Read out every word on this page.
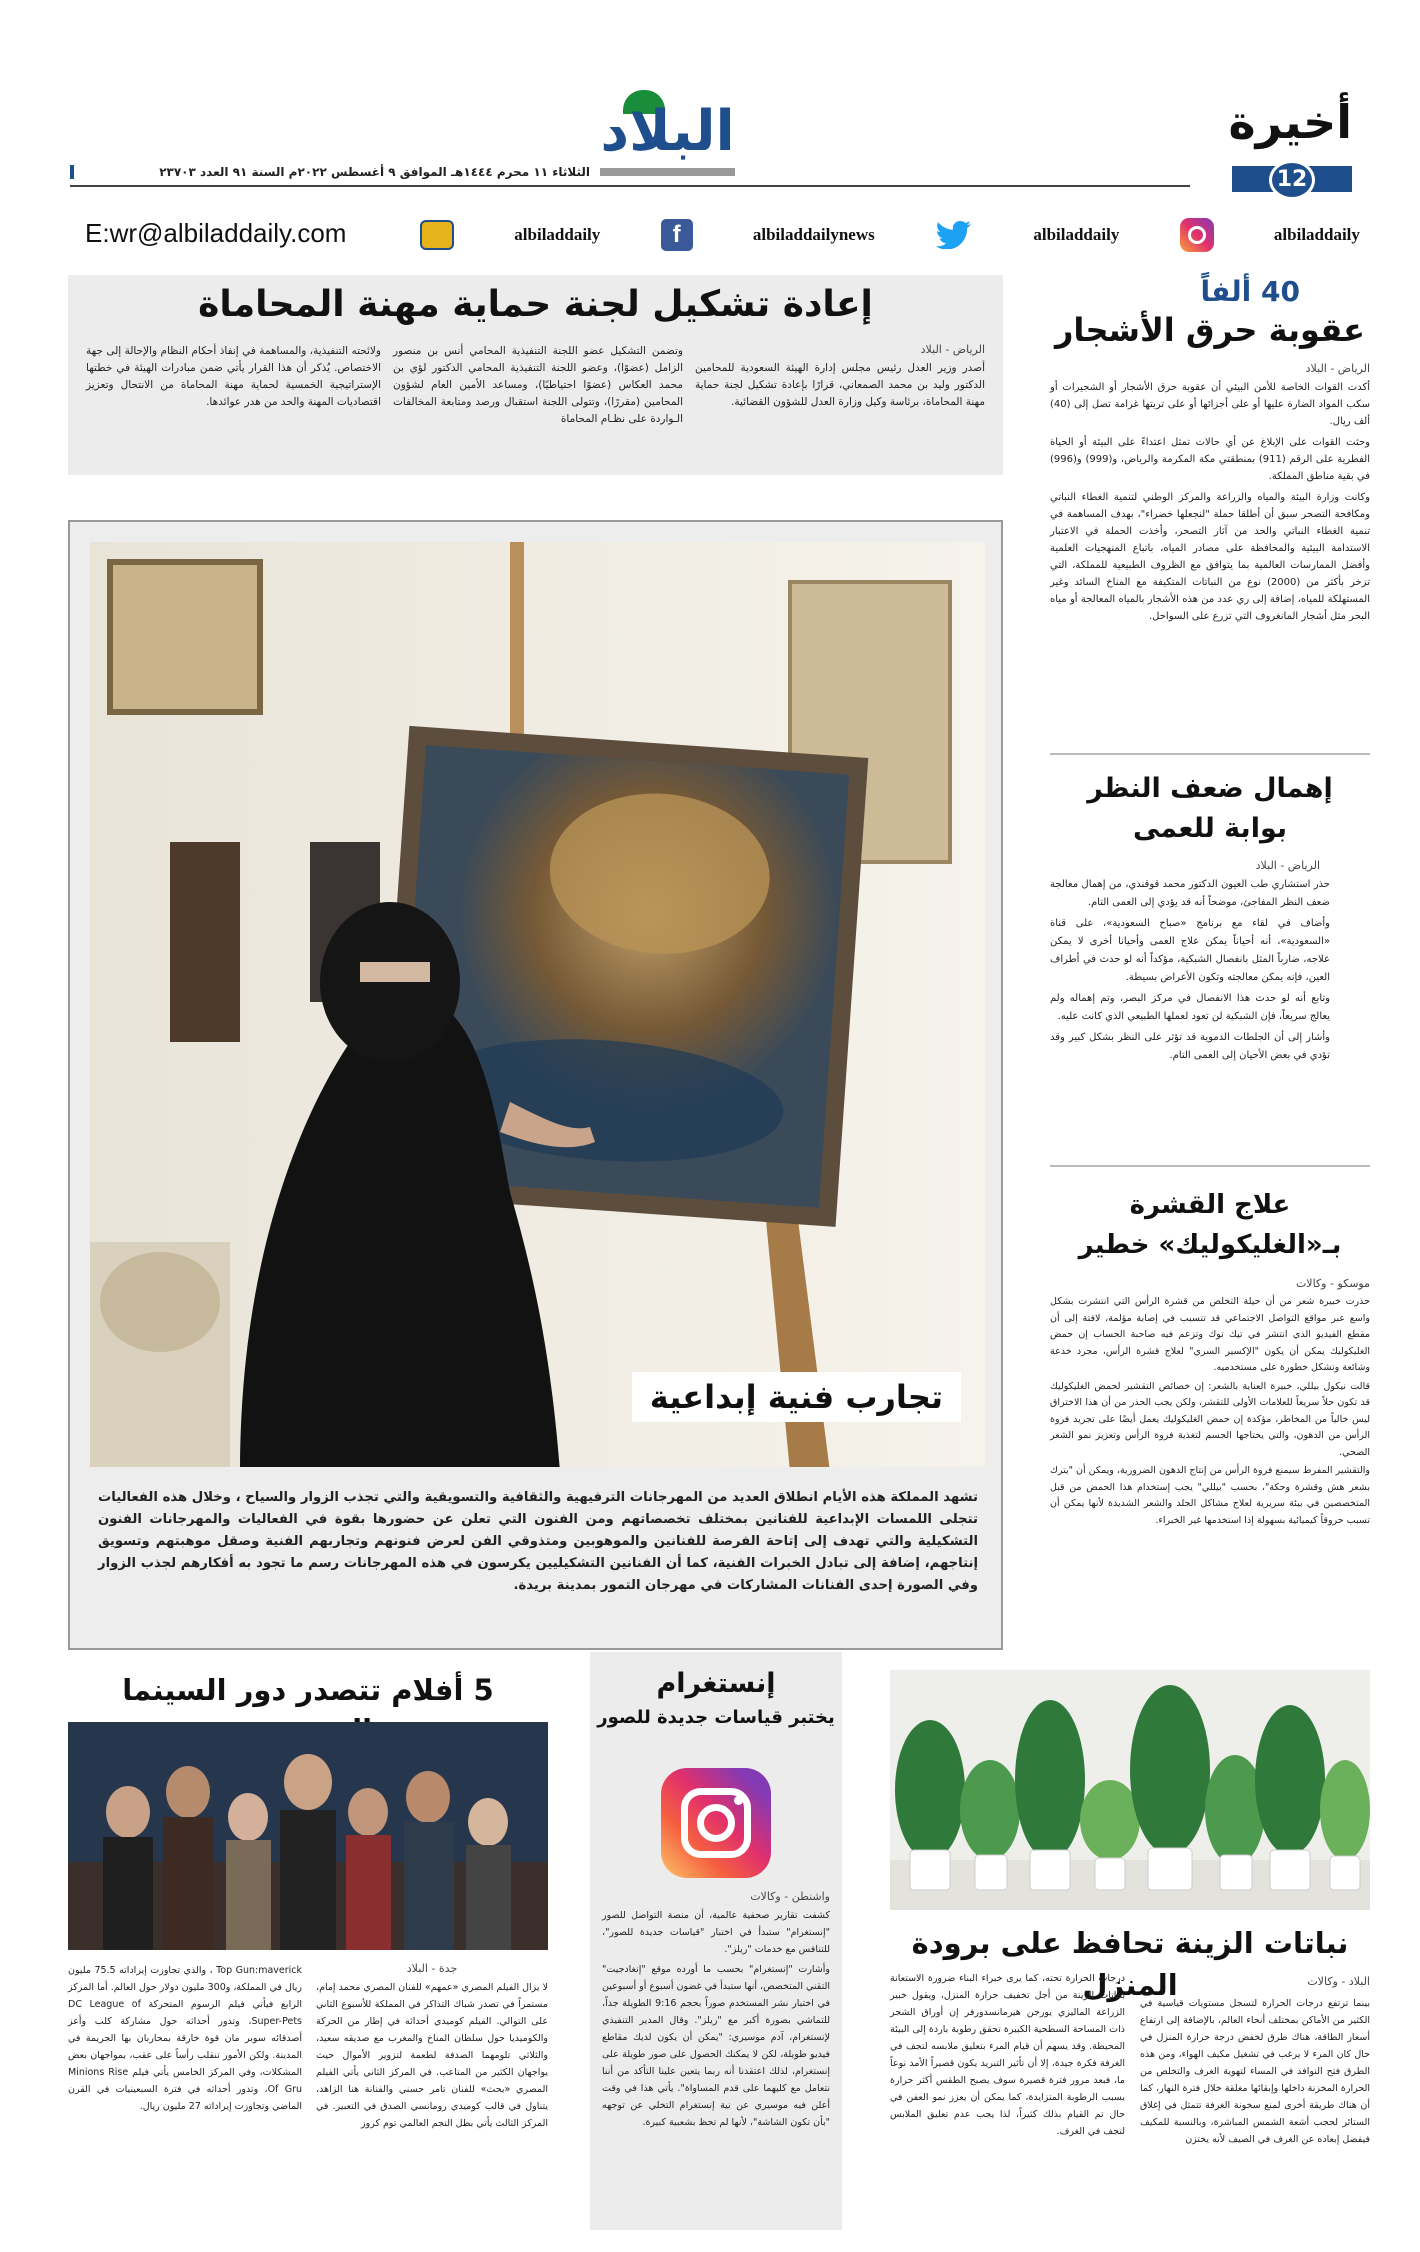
أخيرة
12
البلاد
الثلاثاء ١١ محرم ١٤٤٤هـ الموافق ٩ أغسطس ٢٠٢٢م السنة ٩١ العدد ٢٣٧٠٣
E:wr@albiladdaily.com	albiladdaily	f	albiladdailynews	albiladdaily	albiladdaily
إعادة تشكيل لجنة حماية مهنة المحاماة
الرياض - البلاد

أصدر وزير العدل رئيس مجلس إدارة الهيئة السعودية للمحامين الدكتور وليد بن محمد الصمعاني، قرارًا بإعادة تشكيل لجنة حماية مهنة المحاماة، برئاسة وكيل وزارة العدل للشؤون القضائية.

وتضمن التشكيل عضو اللجنة التنفيذية المحامي أنس بن منصور الزامل (عضوًا)، وعضو اللجنة التنفيذية المحامي الدكتور لؤي بن محمد العكاس (عضوًا احتياطيًا)، ومساعد الأمين العام لشؤون المحامين (مقررًا)، وتتولى اللجنة استقبال ورصد ومتابعة المخالفات الـواردة على نظـام المحاماة

ولائحته التنفيذية، والمساهمة في إنفاذ أحكام النظام والإحالة إلى جهة الاختصاص. يُذكر أن هذا القرار يأتي ضمن مبادرات الهيئة في خطتها الإستراتيجية الخمسية لحماية مهنة المحاماة من الانتحال وتعزيز اقتصاديات المهنة والحد من هدر عوائدها.

40 ألفاً
عقوبة حرق الأشجار
الرياض - البلاد

أكدت القوات الخاصة للأمن البيئي أن عقوبة حرق الأشجار أو الشجيرات أو سكب المواد الضارة عليها أو على أجزائها أو على تربتها غرامة تصل إلى (40) ألف ريال.

وحثت القوات على الإبلاغ عن أي حالات تمثل اعتداءً على البيئة أو الحياة الفطرية على الرقم (911) بمنطقتي مكة المكرمة والرياض، و(999) و(996) في بقية مناطق المملكة.

وكانت وزارة البيئة والمياه والزراعة والمركز الوطني لتنمية الغطاء النباتي ومكافحة التصحر سبق أن أطلقا حملة "لنجعلها خضراء"، بهدف المساهمة في تنمية الغطاء النباتي والحد من آثار التصحر، وأخذت الحملة في الاعتبار الاستدامة البيئية والمحافظة على مصادر المياه، باتباع المنهجيات العلمية وأفضل الممارسات العالمية بما يتوافق مع الظروف الطبيعية للمملكة، التي تزخر بأكثر من (2000) نوع من النباتات المتكيفة مع المناخ السائد وغير المستهلكة للمياه، إضافة إلى ري عدد من هذه الأشجار بالمياه المعالجة أو مياه البحر مثل أشجار المانغروف التي تزرع على السواحل.

إهمال ضعف النظر بوابة للعمى
الرياض - البلاد

حذر استشاري طب العيون الدكتور محمد قوقندي، من إهمال معالجة ضعف النظر المفاجئ، موضحاً أنه قد يؤدي إلى العمى التام.

وأضاف في لقاء مع برنامج «صباح السعودية»، على قناة «السعودية»، أنه أحياناً يمكن علاج العمى وأحيانا أخرى لا يمكن علاجه، ضارباً المثل بانفصال الشبكية، مؤكداً أنه لو حدث في أطراف العين، فإنه يمكن معالجته وتكون الأعراض بسيطة.

وتابع أنه لو حدث هذا الانفصال في مركز البصر، وتم إهماله ولم يعالج سريعاً، فإن الشبكية لن تعود لعملها الطبيعي الذي كانت عليه.

وأشار إلى أن الجلطات الدموية قد تؤثر على النظر بشكل كبير وقد تؤدي في بعض الأحيان إلى العمى التام.

علاج القشرة بـ«الغليكوليك» خطير
موسكو - وكالات

حذرت خبيرة شعر من أن حيلة التخلص من قشرة الرأس التي انتشرت بشكل واسع عبر مواقع التواصل الاجتماعي قد تتسبب في إصابة مؤلمة، لافتة إلى أن مقطع الفيديو الذي انتشر في تيك توك وتزعم فيه صاحبة الحساب إن حمض الغليكوليك يمكن أن يكون "الإكسير السري" لعلاج قشرة الرأس، مجرد خدعة وشائعة وتشكل خطورة على مستخدميه.

قالت نيكول بيللي، خبيرة العناية بالشعر: إن خصائص التقشير لحمض الغليكوليك قد تكون حلاً سريعاً للعلامات الأولى للتقشر، ولكن يجب الحذر من أن هذا الاختراق ليس خالياً من المخاطر، مؤكدة إن حمض الغليكوليك يعمل أيضًا على تجريد فروة الرأس من الدهون، والتي يحتاجها الجسم لتغذية فروة الرأس وتعزيز نمو الشعر الصحي.

والتقشير المفرط سيمنع فروة الرأس من إنتاج الدهون الضرورية، ويمكن أن "يترك بشعر هش وقشرة وحكة"، بحسب "بيللي" يجب إستخدام هذا الحمض من قبل المتخصصين في بيئة سريرية لعلاج مشاكل الجلد والشعر الشديدة لأنها يمكن أن تسبب حروقاً كيميائية بسهولة إذا استخدمها غير الخبراء.

تجارب فنية إبداعية
تشهد المملكة هذه الأيام انطلاق العديد من المهرجانات الترفيهية والثقافية والتسويقية والتي تجذب الزوار والسياح ، وخلال هذه الفعاليات تتجلى اللمسات الإبداعية للفنانين بمختلف تخصصاتهم ومن الفنون التي تعلن عن حضورها بقوة في الفعاليات والمهرجانات الفنون التشكيلية والتي تهدف إلى إتاحة الفرصة للفنانين والموهوبين ومتذوقي الفن لعرض فنونهم وتجاربهم الفنية وصقل موهبتهم وتسويق إنتاجهم، إضافة إلى تبادل الخبرات الفنية، كما أن الفنانين التشكيليين يكرسون في هذه المهرجانات رسم ما تجود به أفكارهم لجذب الزوار وفي الصورة إحدى الفنانات المشاركات في مهرجان التمور بمدينة بريدة.
نباتات الزينة تحافظ على برودة المنزل	البلاد - وكالات

بينما ترتفع درجات الحرارة لتسجل مستويات قياسية في الكثير من الأماكن بمختلف أنحاء العالم، بالإضافة إلى ارتفاع أسعار الطاقة، هناك طرق لخفض درجة حرارة المنزل في حال كان المرء لا يرغب في تشغيل مكيف الهواء، ومن هذه الطرق فتح النوافذ في المساء لتهوية الغرف والتخلص من الحرارة المخزنة داخلها وإبقائها مغلقة خلال فترة النهار، كما أن هناك طريقة أخرى لمنع سخونة الغرفة تتمثل في إغلاق الستائر لحجب أشعة الشمس المباشرة، وبالنسبة للمكيف فيفضل إبعاده عن الغرف في الصيف لأنه يختزن

درجات الحرارة تحته، كما يرى خبراء البناء ضرورة الاستعانة بنباتات الزينة من أجل تخفيف حرارة المنزل، ويقول خبير الزراعة الماليزي يورجن هيرمانسدورفر إن أوراق الشجر ذات المساحة السطحية الكبيرة تحقق رطوبة باردة إلى البيئة المحيطة. وقد يسهم أن قيام المرء بتعليق ملابسه لتجف في الغرفة فكرة جيدة، إلا أن تأثير التبريد يكون قصيراً الأمد نوعاً ما، فبعد مرور فترة قصيرة سوف يصبح الطقس أكثر حرارة بسبب الرطوبة المتزايدة، كما يمكن أن يعزز نمو العفن في حال تم القيام بذلك كثيراً، لذا يجب عدم تعليق الملابس لتجف في الغرف.

إنستغرام
يختبر قياسات جديدة للصور
واشنطن - وكالات

كشفت تقارير صحفية عالمية، أن منصة التواصل للصور "إنستغرام" ستبدأ في اختبار "قياسات جديدة للصور"، للتنافس مع خدمات "ريلز".

وأشارت "إنستغرام" بحسب ما أورده موقع "إنغادجيت" التقني المتخصص، أنها ستبدأ في غضون أسبوع أو أسبوعين في اختبار نشر المستخدم صوراً بحجم 9:16 الطويلة جداً، للتماشي بصورة أكبر مع "ريلز". وقال المدير التنفيذي لإنستغرام، آدم موسيري: "يمكن أن يكون لديك مقاطع فيديو طويلة، لكن لا يمكنك الحصول على صور طويلة على إنستغرام، لذلك اعتقدنا أنه ربما يتعين علينا التأكد من أننا نتعامل مع كليهما على قدم المساواة". يأتي هذا في وقت أعلن فيه موسيري عن نية إنستغرام التخلي عن توجهه "بأن تكون الشاشة"، لأنها لم تحظ بشعبية كبيرة.

5 أفلام تتصدر دور السينما
جدة - البلاد

لا يزال الفيلم المصري «عمهم» للفنان المصري محمد إمام، مستمراً في تصدر شباك التذاكر في المملكة للأسبوع الثاني على التوالي. الفيلم كوميدي أحداثه في إطار من الحركة والكوميديا حول سلطان المناخ والمغرب مع صديقه سعيد، والثلاثي تلومهما الصدفة لطعمة لتزوير الأموال حيث يواجهان الكثير من المتاعب. في المركز الثاني يأتي الفيلم المصري «بحث» للفنان تامر حسني والفنانة هنا الزاهد، يتناول في قالب كوميدي رومانسي الصدق في التعبير. في المركز الثالث يأتي بطل النجم العالمي توم كروز

Top Gun:maverick ، والذي تجاوزت إيراداته 75.5 مليون ريال في المملكة، و300 مليون دولار حول العالم. أما المركز الرابع فيأتي فيلم الرسوم المتحركة DC League of Super-Pets، وتدور أحداثه حول مشاركة كلب وأعز أصدقائه سوبر مان قوة خارقة بمحاربان بها الجريمة في المدينة. ولكن الأمور تنقلب رأساً على عقب، بمواجهان بعض المشكلات، وفي المركز الخامس يأتي فيلم Minions Rise Of Gru، وتدور أحداثه في فترة السبعينيات في القرن الماضي وتجاوزت إيراداته 27 مليون ريال.
